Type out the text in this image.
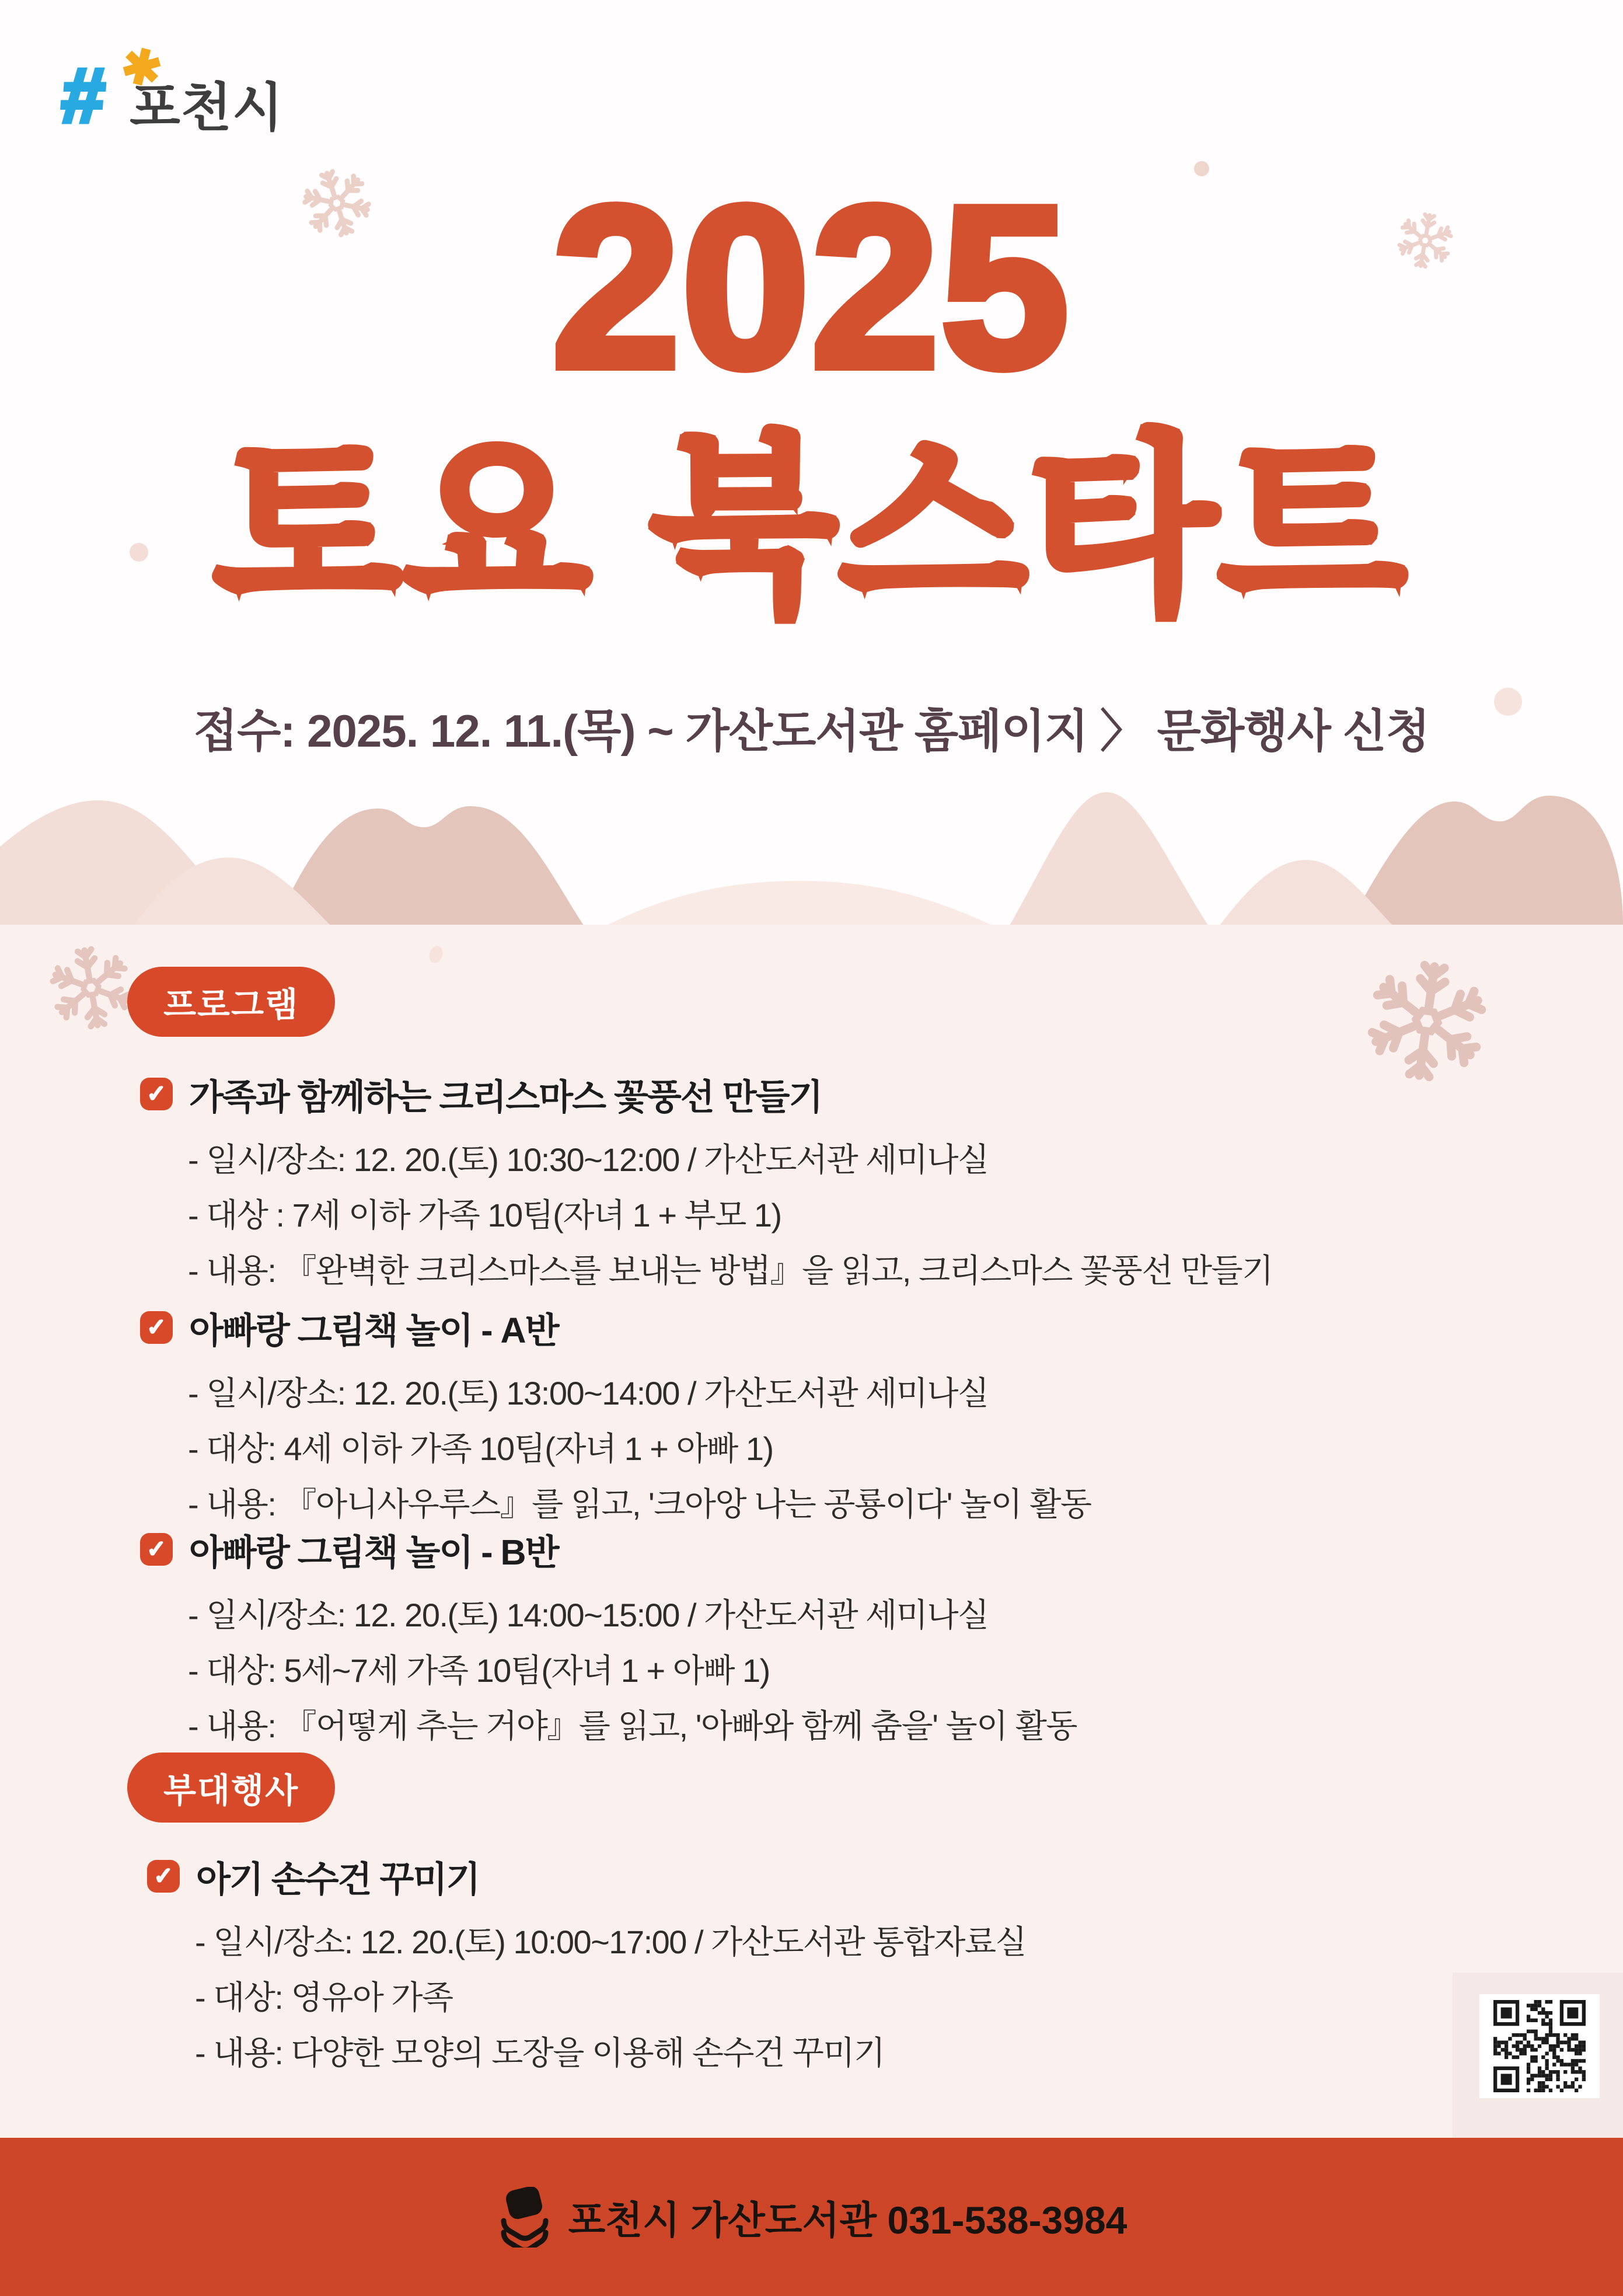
# ✱
포천시
2025
토요 북스타트
접수: 2025. 12. 11.(목) ~ 가산도서관 홈페이지 〉 문화행사 신청
프로그램
✓ 가족과 함께하는 크리스마스 꽃풍선 만들기
- 일시/장소: 12. 20.(토) 10:30~12:00 / 가산도서관 세미나실
- 대상 : 7세 이하 가족 10팀(자녀 1 + 부모 1)
- 내용: 『완벽한 크리스마스를 보내는 방법』을 읽고, 크리스마스 꽃풍선 만들기
✓ 아빠랑 그림책 놀이 - A반
- 일시/장소: 12. 20.(토) 13:00~14:00 / 가산도서관 세미나실
- 대상: 4세 이하 가족 10팀(자녀 1 + 아빠 1)
- 내용: 『아니사우루스』를 읽고, '크아앙 나는 공룡이다' 놀이 활동
✓ 아빠랑 그림책 놀이 - B반
- 일시/장소: 12. 20.(토) 14:00~15:00 / 가산도서관 세미나실
- 대상: 5세~7세 가족 10팀(자녀 1 + 아빠 1)
- 내용: 『어떻게 추는 거야』를 읽고, '아빠와 함께 춤을' 놀이 활동
부대행사
✓ 아기 손수건 꾸미기
- 일시/장소: 12. 20.(토) 10:00~17:00 / 가산도서관 통합자료실
- 대상: 영유아 가족
- 내용: 다양한 모양의 도장을 이용해 손수건 꾸미기
포천시 가산도서관 031-538-3984
